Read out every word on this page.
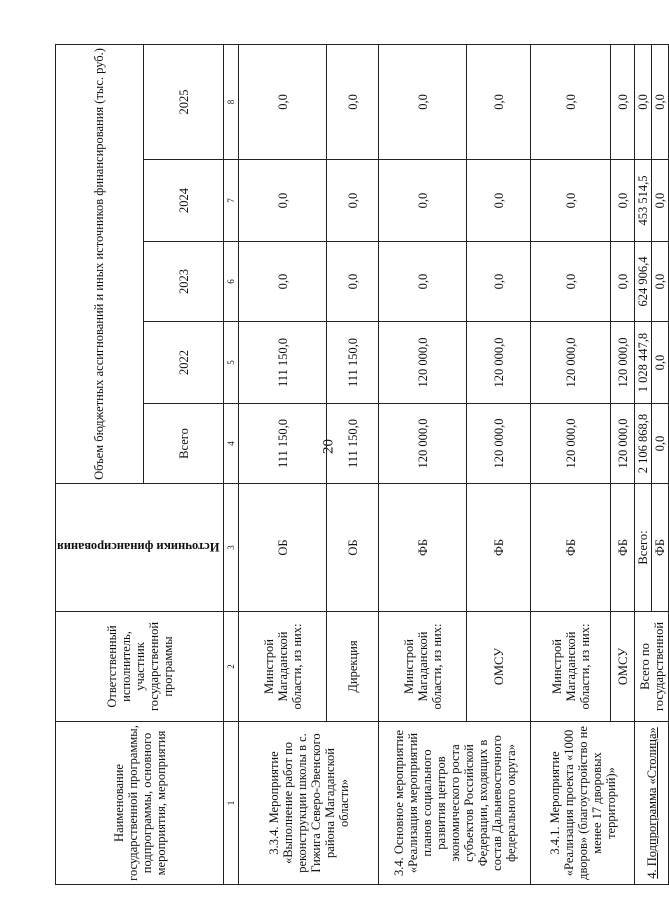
20
Наименование государственной программы, подпрограммы, основного мероприятия, мероприятия	Ответственный исполнитель, участник государственной программы	Источники финансирования	Объем бюджетных ассигнований и иных источников финансирования (тыс. руб.)				
			Всего	2022	2023	2024	2025
1	2	3	4	5	6	7	8
3.3.4. Мероприятие «Выполнение работ по реконструкции школы в с. Гижига Северо-Эвенского района Магаданской области»	Минстрой Магаданской области, из них:	ОБ	111 150,0	111 150,0	0,0	0,0	0,0
	Дирекция	ОБ	111 150,0	111 150,0	0,0	0,0	0,0
3.4. Основное мероприятие «Реализация мероприятий планов социального развития центров экономического роста субъектов Российской Федерации, входящих в состав Дальневосточного федерального округа»	Минстрой Магаданской области, из них:	ФБ	120 000,0	120 000,0	0,0	0,0	0,0
	ОМСУ	ФБ	120 000,0	120 000,0	0,0	0,0	0,0
3.4.1. Мероприятие «Реализация проекта «1000 дворов» (благоустройство не менее 17 дворовых территорий)»	Минстрой Магаданской области, из них:	ФБ	120 000,0	120 000,0	0,0	0,0	0,0
	ОМСУ	ФБ	120 000,0	120 000,0	0,0	0,0	0,0
4. Подпрограмма «Столица»	Всего по государственной	Всего:	2 106 868,8	1 028 447,8	624 906,4	453 514,5	0,0
		ФБ	0,0	0,0	0,0	0,0	0,0
